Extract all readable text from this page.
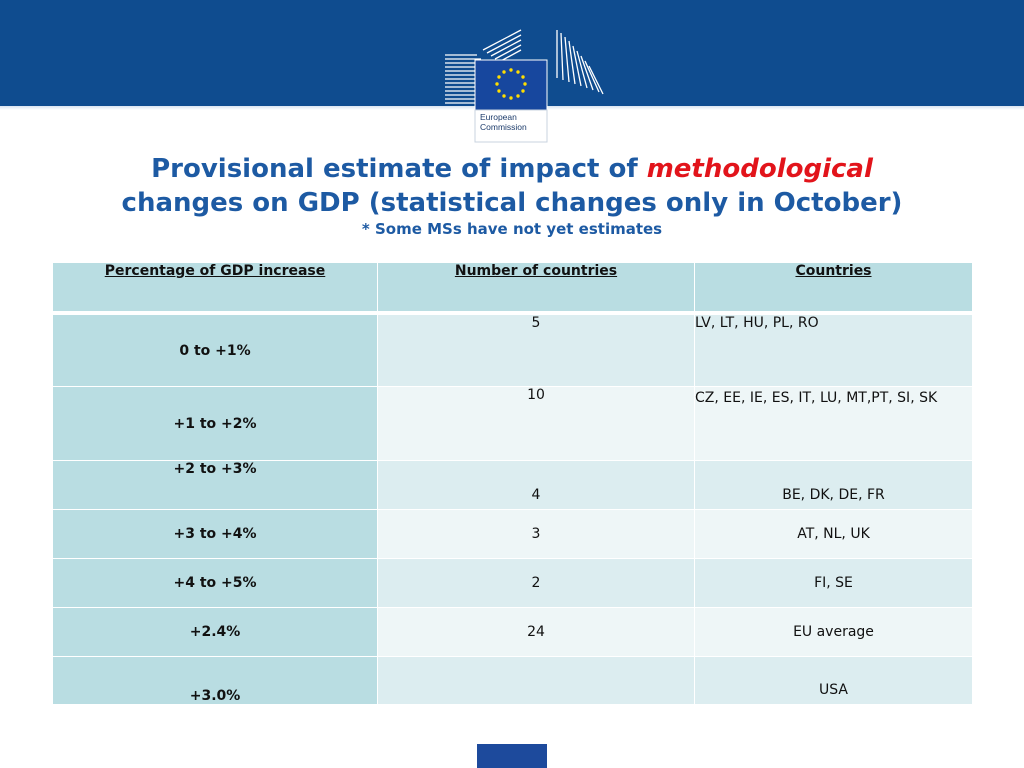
European
Commission
Provisional estimate of impact of methodological
changes on GDP (statistical changes only in October)
* Some MSs have not yet estimates
Percentage of GDP increase	Number of countries	Countries

0 to +1%	5	LV, LT, HU, PL, RO
+1 to +2%	10	CZ, EE, IE, ES, IT, LU, MT,PT, SI, SK
+2 to +3%	4	BE, DK, DE, FR
+3 to +4%	3	AT, NL, UK
+4 to +5%	2	FI, SE
+2.4%	24	EU average
+3.0%		USA
